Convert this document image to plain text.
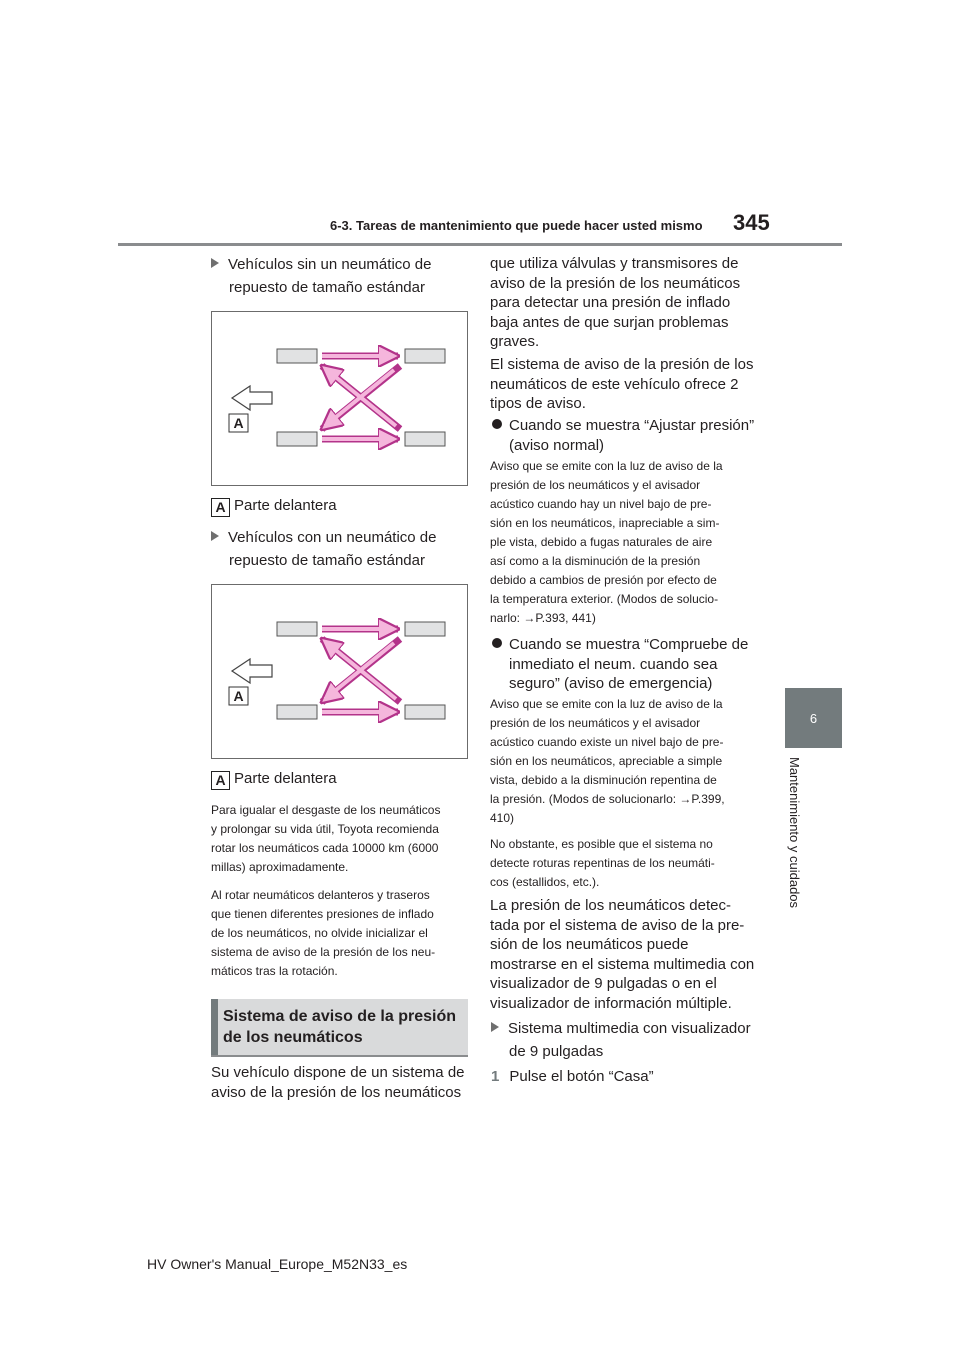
6-3. Tareas de mantenimiento que puede hacer usted mismo 345
6
Mantenimiento y cuidados
Vehículos sin un neumático de
repuesto de tamaño estándar
A
A Parte delantera
Vehículos con un neumático de
repuesto de tamaño estándar
A
A Parte delantera
Para igualar el desgaste de los neumáticos
y prolongar su vida útil, Toyota recomienda
rotar los neumáticos cada 10000 km (6000
millas) aproximadamente.
Al rotar neumáticos delanteros y traseros
que tienen diferentes presiones de inflado
de los neumáticos, no olvide inicializar el
sistema de aviso de la presión de los neu-
máticos tras la rotación.
Sistema de aviso de la presión de los neumáticos
Su vehículo dispone de un sistema de
aviso de la presión de los neumáticos
que utiliza válvulas y transmisores de
aviso de la presión de los neumáticos
para detectar una presión de inflado
baja antes de que surjan problemas
graves.
El sistema de aviso de la presión de los
neumáticos de este vehículo ofrece 2
tipos de aviso.
Cuando se muestra “Ajustar presión”
(aviso normal)
Aviso que se emite con la luz de aviso de la
presión de los neumáticos y el avisador
acústico cuando hay un nivel bajo de pre-
sión en los neumáticos, inapreciable a sim-
ple vista, debido a fugas naturales de aire
así como a la disminución de la presión
debido a cambios de presión por efecto de
la temperatura exterior. (Modos de solucio-
narlo: →P.393, 441)
Cuando se muestra “Compruebe de
inmediato el neum. cuando sea
seguro” (aviso de emergencia)
Aviso que se emite con la luz de aviso de la
presión de los neumáticos y el avisador
acústico cuando existe un nivel bajo de pre-
sión en los neumáticos, apreciable a simple
vista, debido a la disminución repentina de
la presión. (Modos de solucionarlo: →P.399,
410)
No obstante, es posible que el sistema no
detecte roturas repentinas de los neumáti-
cos (estallidos, etc.).
La presión de los neumáticos detec-
tada por el sistema de aviso de la pre-
sión de los neumáticos puede
mostrarse en el sistema multimedia con
visualizador de 9 pulgadas o en el
visualizador de información múltiple.
Sistema multimedia con visualizador
de 9 pulgadas
1 Pulse el botón “Casa”
HV Owner's Manual_Europe_M52N33_es
